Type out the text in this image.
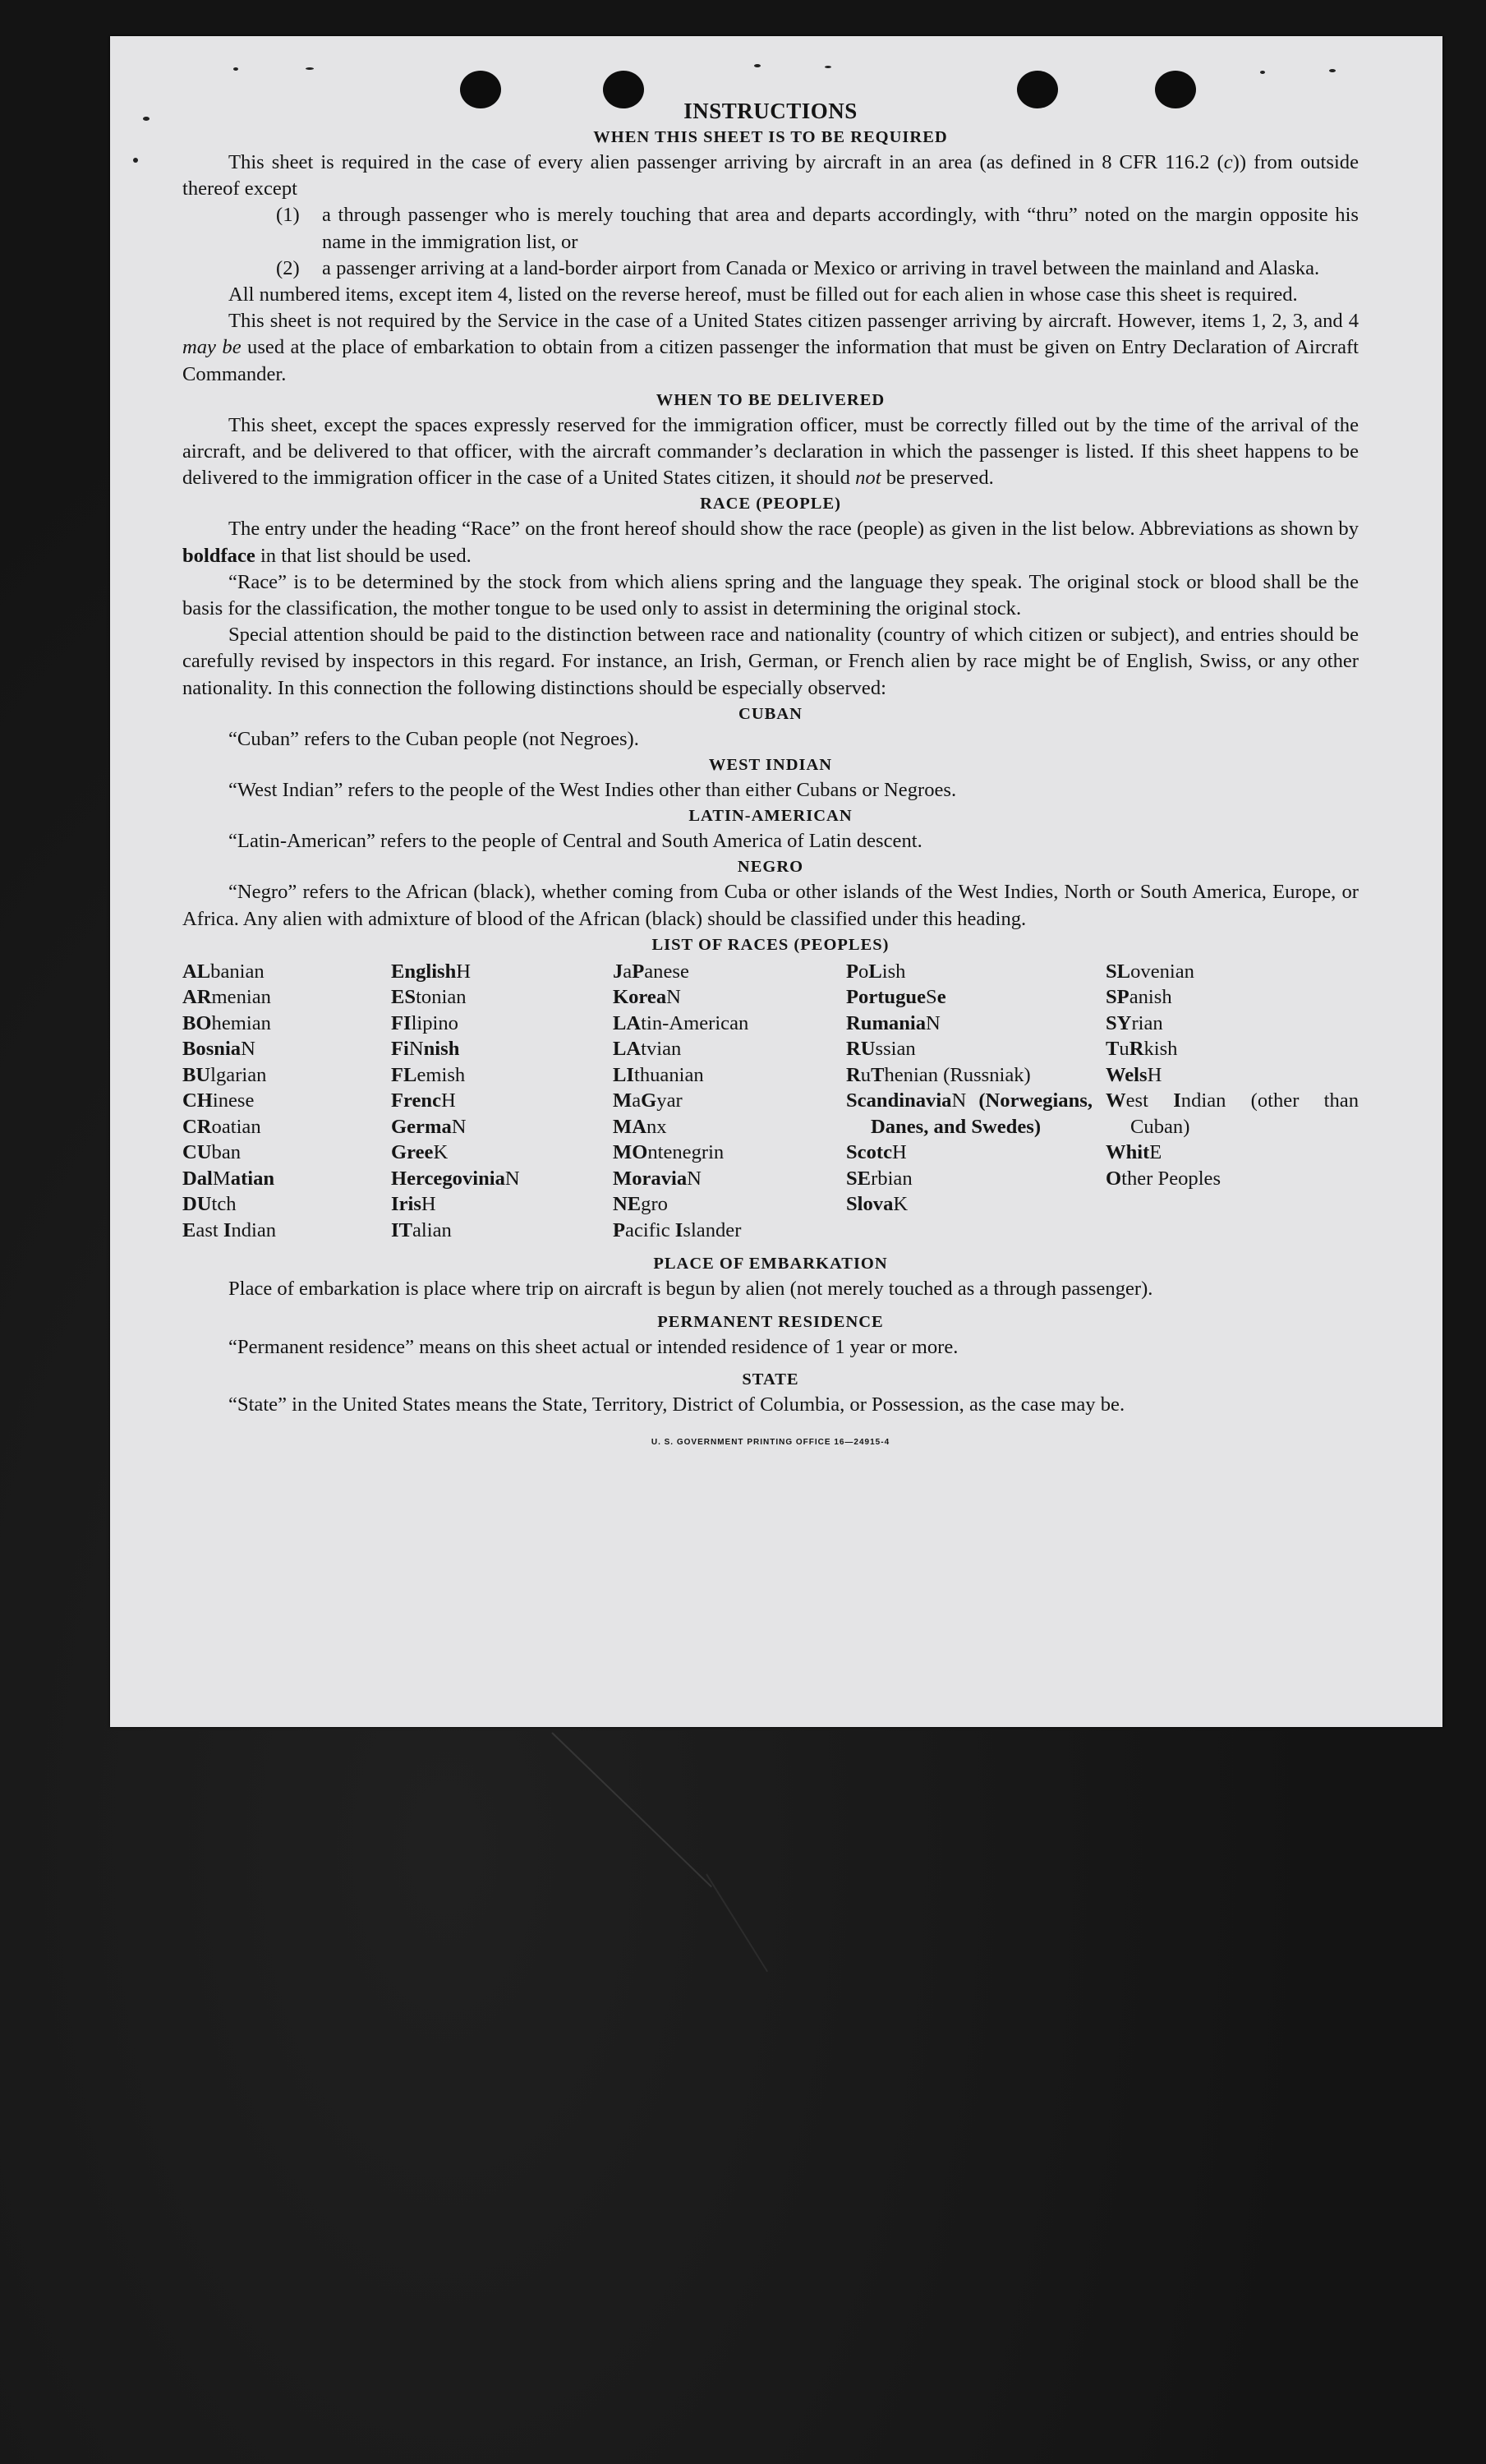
INSTRUCTIONS
WHEN THIS SHEET IS TO BE REQUIRED

This sheet is required in the case of every alien passenger arriving by aircraft in an area (as defined in 8 CFR 116.2 (c)) from outside thereof except

(1)	a through passenger who is merely touching that area and departs accordingly, with “thru” noted on the margin opposite his name in the immigration list, or
(2)	a passenger arriving at a land-border airport from Canada or Mexico or arriving in travel between the mainland and Alaska.

All numbered items, except item 4, listed on the reverse hereof, must be filled out for each alien in whose case this sheet is required.

This sheet is not required by the Service in the case of a United States citizen passenger arriving by aircraft. However, items 1, 2, 3, and 4 may be used at the place of embarkation to obtain from a citizen passenger the information that must be given on Entry Declaration of Aircraft Commander.

WHEN TO BE DELIVERED

This sheet, except the spaces expressly reserved for the immigration officer, must be correctly filled out by the time of the arrival of the aircraft, and be delivered to that officer, with the aircraft commander’s declaration in which the passenger is listed. If this sheet happens to be delivered to the immigration officer in the case of a United States citizen, it should not be preserved.

RACE (PEOPLE)

The entry under the heading “Race” on the front hereof should show the race (people) as given in the list below. Abbreviations as shown by boldface in that list should be used.

“Race” is to be determined by the stock from which aliens spring and the language they speak. The original stock or blood shall be the basis for the classification, the mother tongue to be used only to assist in determining the original stock.

Special attention should be paid to the distinction between race and nationality (country of which citizen or subject), and entries should be carefully revised by inspectors in this regard. For instance, an Irish, German, or French alien by race might be of English, Swiss, or any other nationality. In this connection the following distinctions should be especially observed:

CUBAN

“Cuban” refers to the Cuban people (not Negroes).

WEST INDIAN

“West Indian” refers to the people of the West Indies other than either Cubans or Negroes.

LATIN-AMERICAN

“Latin-American” refers to the people of Central and South America of Latin descent.

NEGRO

“Negro” refers to the African (black), whether coming from Cuba or other islands of the West Indies, North or South America, Europe, or Africa. Any alien with admixture of blood of the African (black) should be classified under this heading.

LIST OF RACES (PEOPLES)
ALbanian
ARmenian
BOhemian
BosniaN
BUlgarian
CHinese
CRoatian
CUban
DalMatian
DUtch
East Indian
EnglishH
EStonian
FIlipino
FiNnish
FLemish
FrencH
GermaN
GreeK
HercegoviniaN
IrisH
ITalian
JaPanese
KoreaN
LAtin-American
LAtvian
LIthuanian
MaGyar
MAnx
MOntenegrin
MoraviaN
NEgro
Pacific Islander
PoLish
PortugueSe
RumaniaN
RUssian
RuThenian (Russniak)
ScandinaviaN (Norwegians, Danes, and Swedes)
ScotcH
SErbian
SlovaK
SLovenian
SPanish
SYrian
TuRkish
WelsH
West Indian (other than Cuban)
WhitE
Other Peoples
PLACE OF EMBARKATION

Place of embarkation is place where trip on aircraft is begun by alien (not merely touched as a through passenger).

PERMANENT RESIDENCE

“Permanent residence” means on this sheet actual or intended residence of 1 year or more.

STATE

“State” in the United States means the State, Territory, District of Columbia, or Possession, as the case may be.

U. S. GOVERNMENT PRINTING OFFICE 16—24915-4
